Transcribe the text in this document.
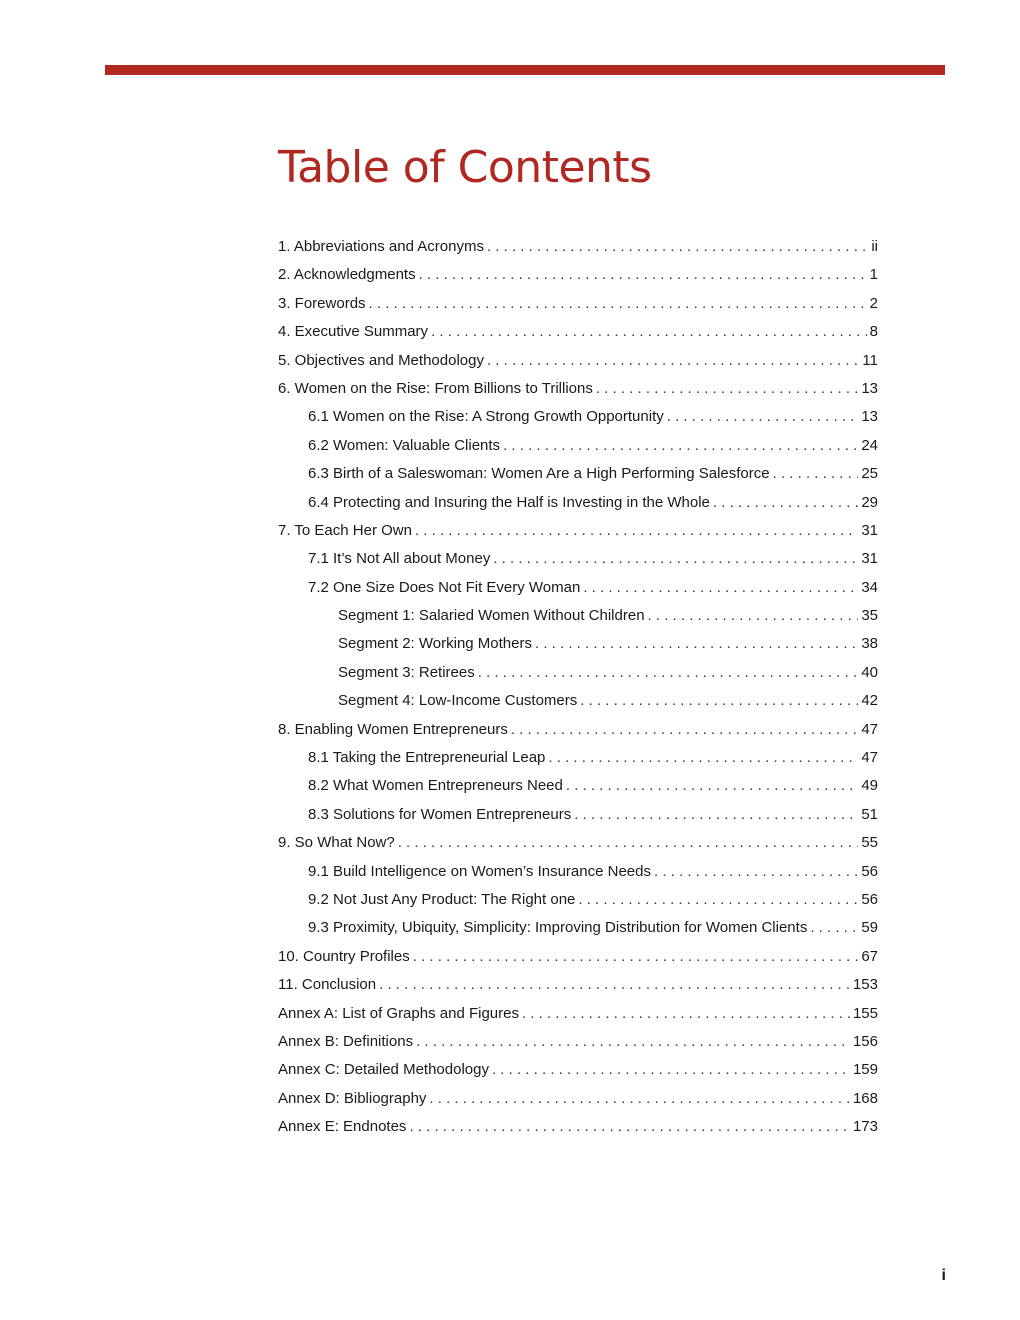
Table of Contents
1. Abbreviations and Acronyms . . .	ii
2. Acknowledgments . . .	1
3. Forewords . . .	2
4. Executive Summary . . .	8
5. Objectives and Methodology . . .	11
6. Women on the Rise: From Billions to Trillions . . .	13
6.1 Women on the Rise: A Strong Growth Opportunity . . .	13
6.2 Women: Valuable Clients . . .	24
6.3 Birth of a Saleswoman: Women Are a High Performing Salesforce . . .	25
6.4 Protecting and Insuring the Half is Investing in the Whole . . .	29
7. To Each Her Own . . .	31
7.1 It’s Not All about Money . . .	31
7.2 One Size Does Not Fit Every Woman . . .	34
Segment 1: Salaried Women Without Children . . .	35
Segment 2: Working Mothers . . .	38
Segment 3: Retirees . . .	40
Segment 4: Low-Income Customers . . .	42
8. Enabling Women Entrepreneurs . . .	47
8.1 Taking the Entrepreneurial Leap . . .	47
8.2 What Women Entrepreneurs Need . . .	49
8.3 Solutions for Women Entrepreneurs . . .	51
9. So What Now? . . .	55
9.1 Build Intelligence on Women’s Insurance Needs . . .	56
9.2 Not Just Any Product: The Right one . . .	56
9.3 Proximity, Ubiquity, Simplicity: Improving Distribution for Women Clients . . .	59
10. Country Profiles . . .	67
11. Conclusion . . .	153
Annex A: List of Graphs and Figures . . .	155
Annex B: Definitions . . .	156
Annex C: Detailed Methodology . . .	159
Annex D: Bibliography . . .	168
Annex E: Endnotes . . .	173
i
